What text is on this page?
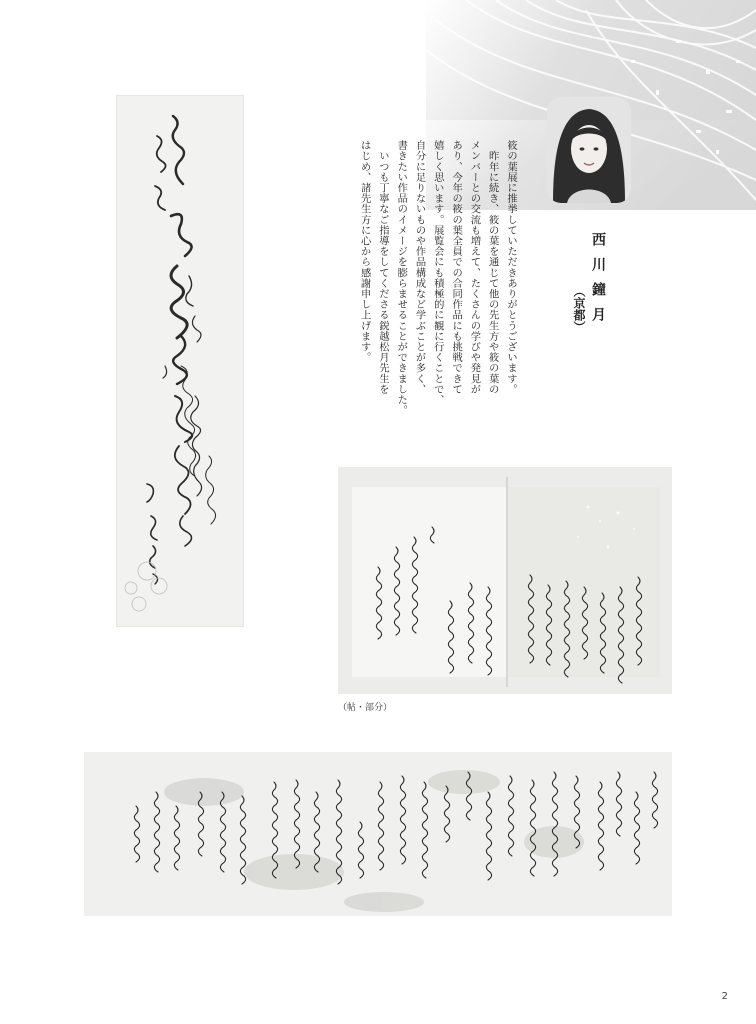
西川鐘月
（京都）

筱の葉展に推挙していただきありがとうございます。

　昨年に続き、筱の葉を通じて他の先生方や筱の葉の

メンバーとの交流も増えて、たくさんの学びや発見が

あり、今年の筱の葉全員での合同作品にも挑戦できて

嬉しく思います。展覧会にも積極的に観に行くことで、

自分に足りないものや作品構成など学ぶことが多く、

書きたい作品のイメージを膨らませることができました。

　いつも丁寧なご指導をしてくださる鋭越松月先生を

はじめ、諸先生方に心から感謝申し上げます。

（帖・部分）
2
